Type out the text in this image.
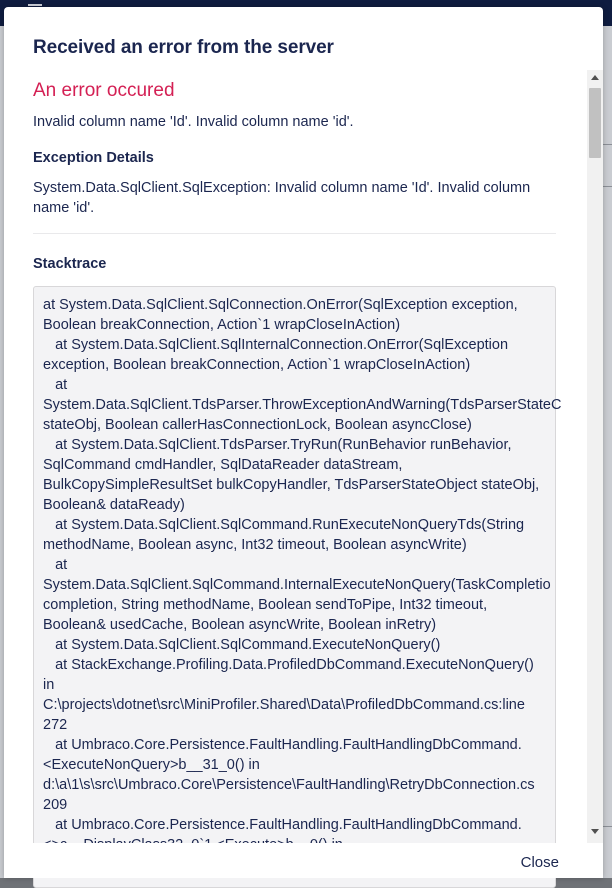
Received an error from the server
An error occured
Invalid column name 'Id'. Invalid column name 'id'.
Exception Details
System.Data.SqlClient.SqlException: Invalid column name 'Id'. Invalid column name 'id'.
Stacktrace
at System.Data.SqlClient.SqlConnection.OnError(SqlException exception,
Boolean breakConnection, Action`1 wrapCloseInAction)
at System.Data.SqlClient.SqlInternalConnection.OnError(SqlException
exception, Boolean breakConnection, Action`1 wrapCloseInAction)
at
System.Data.SqlClient.TdsParser.ThrowExceptionAndWarning(TdsParserStateC
stateObj, Boolean callerHasConnectionLock, Boolean asyncClose)
at System.Data.SqlClient.TdsParser.TryRun(RunBehavior runBehavior,
SqlCommand cmdHandler, SqlDataReader dataStream,
BulkCopySimpleResultSet bulkCopyHandler, TdsParserStateObject stateObj,
Boolean& dataReady)
at System.Data.SqlClient.SqlCommand.RunExecuteNonQueryTds(String
methodName, Boolean async, Int32 timeout, Boolean asyncWrite)
at
System.Data.SqlClient.SqlCommand.InternalExecuteNonQuery(TaskCompletio
completion, String methodName, Boolean sendToPipe, Int32 timeout,
Boolean& usedCache, Boolean asyncWrite, Boolean inRetry)
at System.Data.SqlClient.SqlCommand.ExecuteNonQuery()
at StackExchange.Profiling.Data.ProfiledDbCommand.ExecuteNonQuery()
in
C:\projects\dotnet\src\MiniProfiler.Shared\Data\ProfiledDbCommand.cs:line
272
at Umbraco.Core.Persistence.FaultHandling.FaultHandlingDbCommand.
<ExecuteNonQuery>b__31_0() in
d:\a\1\s\src\Umbraco.Core\Persistence\FaultHandling\RetryDbConnection.cs
209
at Umbraco.Core.Persistence.FaultHandling.FaultHandlingDbCommand.

Close
